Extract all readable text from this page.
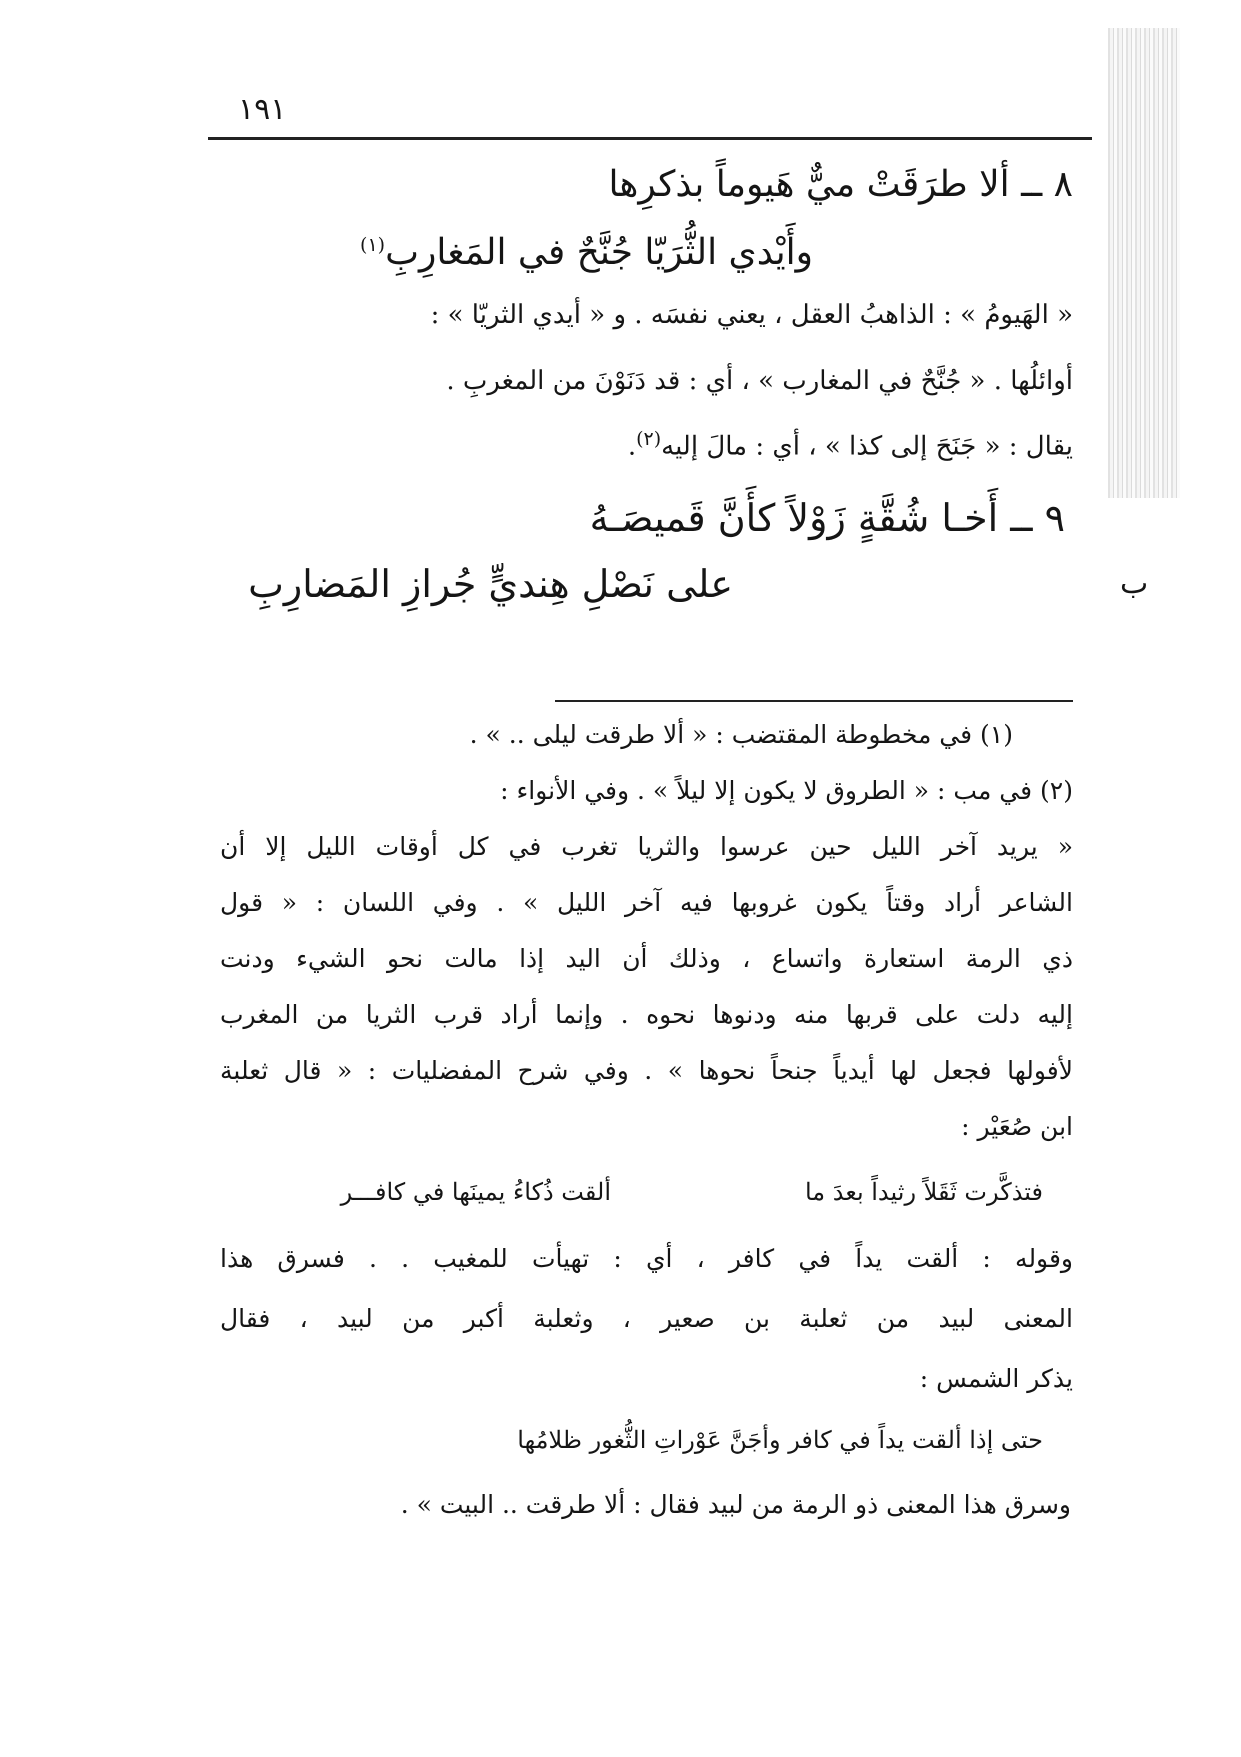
١٩١
٨ ــ ألا طرَقَتْ ميٌّ هَيوماً بذكرِها
وأَيْدي الثُّرَيّا جُنَّحٌ في المَغارِبِ$^{(١)}$
« الهَيومُ » : الذاهبُ العقل ، يعني نفسَه . و « أيدي الثريّا » :
أوائلُها . « جُنَّحٌ في المغارب » ، أي : قد دَنَوْنَ من المغربِ .
يقال : « جَنَحَ إلى كذا » ، أي : مالَ إليه$^{(٢)}$.
٩ ــ أَخـا شُقَّةٍ زَوْلاً كأَنَّ قَميصَـهُ
ب
على نَصْلِ هِنديٍّ جُرازِ المَضارِبِ
(١) في مخطوطة المقتضب : « ألا طرقت ليلى .. » .
(٢) في مب : « الطروق لا يكون إلا ليلاً » . وفي الأنواء :
« يريد آخر الليل حين عرسوا والثريا تغرب في كل أوقات الليل إلا أن
الشاعر أراد وقتاً يكون غروبها فيه آخر الليل » . وفي اللسان : « قول
ذي الرمة استعارة واتساع ، وذلك أن اليد إذا مالت نحو الشيء ودنت
إليه دلت على قربها منه ودنوها نحوه . وإنما أراد قرب الثريا من المغرب
لأفولها فجعل لها أيدياً جنحاً نحوها » . وفي شرح المفضليات : « قال ثعلبة
ابن صُعَيْر :
فتذكَّرت ثَقَلاً رثيداً بعدَ ما
ألقت ذُكاءُ يمينَها في كافـــر
وقوله : ألقت يداً في كافر ، أي : تهيأت للمغيب . . فسرق هذا
المعنى لبيد من ثعلبة بن صعير ، وثعلبة أكبر من لبيد ، فقال
يذكر الشمس :
حتى إذا ألقت يداً في كافر وأجَنَّ عَوْراتِ الثُّغور ظلامُها
وسرق هذا المعنى ذو الرمة من لبيد فقال : ألا طرقت .. البيت » .
